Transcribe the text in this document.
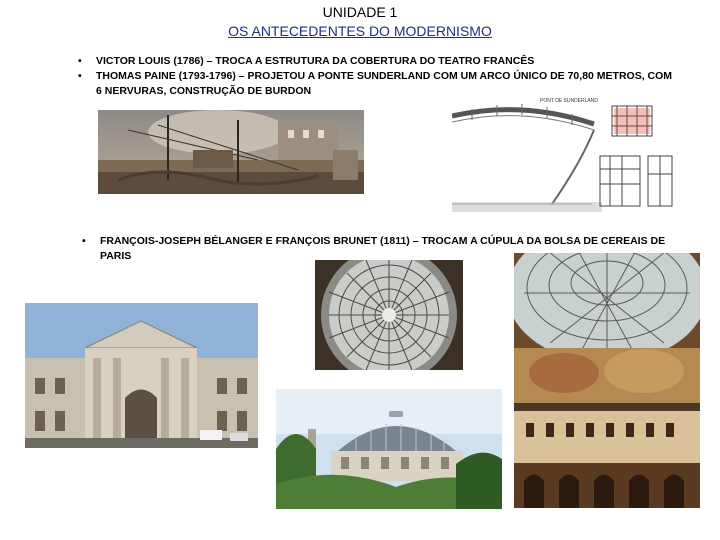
UNIDADE 1
OS ANTECEDENTES DO MODERNISMO
•	VICTOR LOUIS (1786) – TROCA A ESTRUTURA DA COBERTURA DO TEATRO FRANCÊS
•	THOMAS PAINE (1793-1796) – PROJETOU A PONTE SUNDERLAND COM UM ARCO ÚNICO DE 70,80 METROS, COM 6 NERVURAS, CONSTRUÇÃO DE BURDON
•	FRANÇOIS-JOSEPH BÉLANGER E FRANÇOIS BRUNET (1811) – TROCAM A CÚPULA DA BOLSA DE CEREAIS DE PARIS
PONT DE SUNDERLAND
